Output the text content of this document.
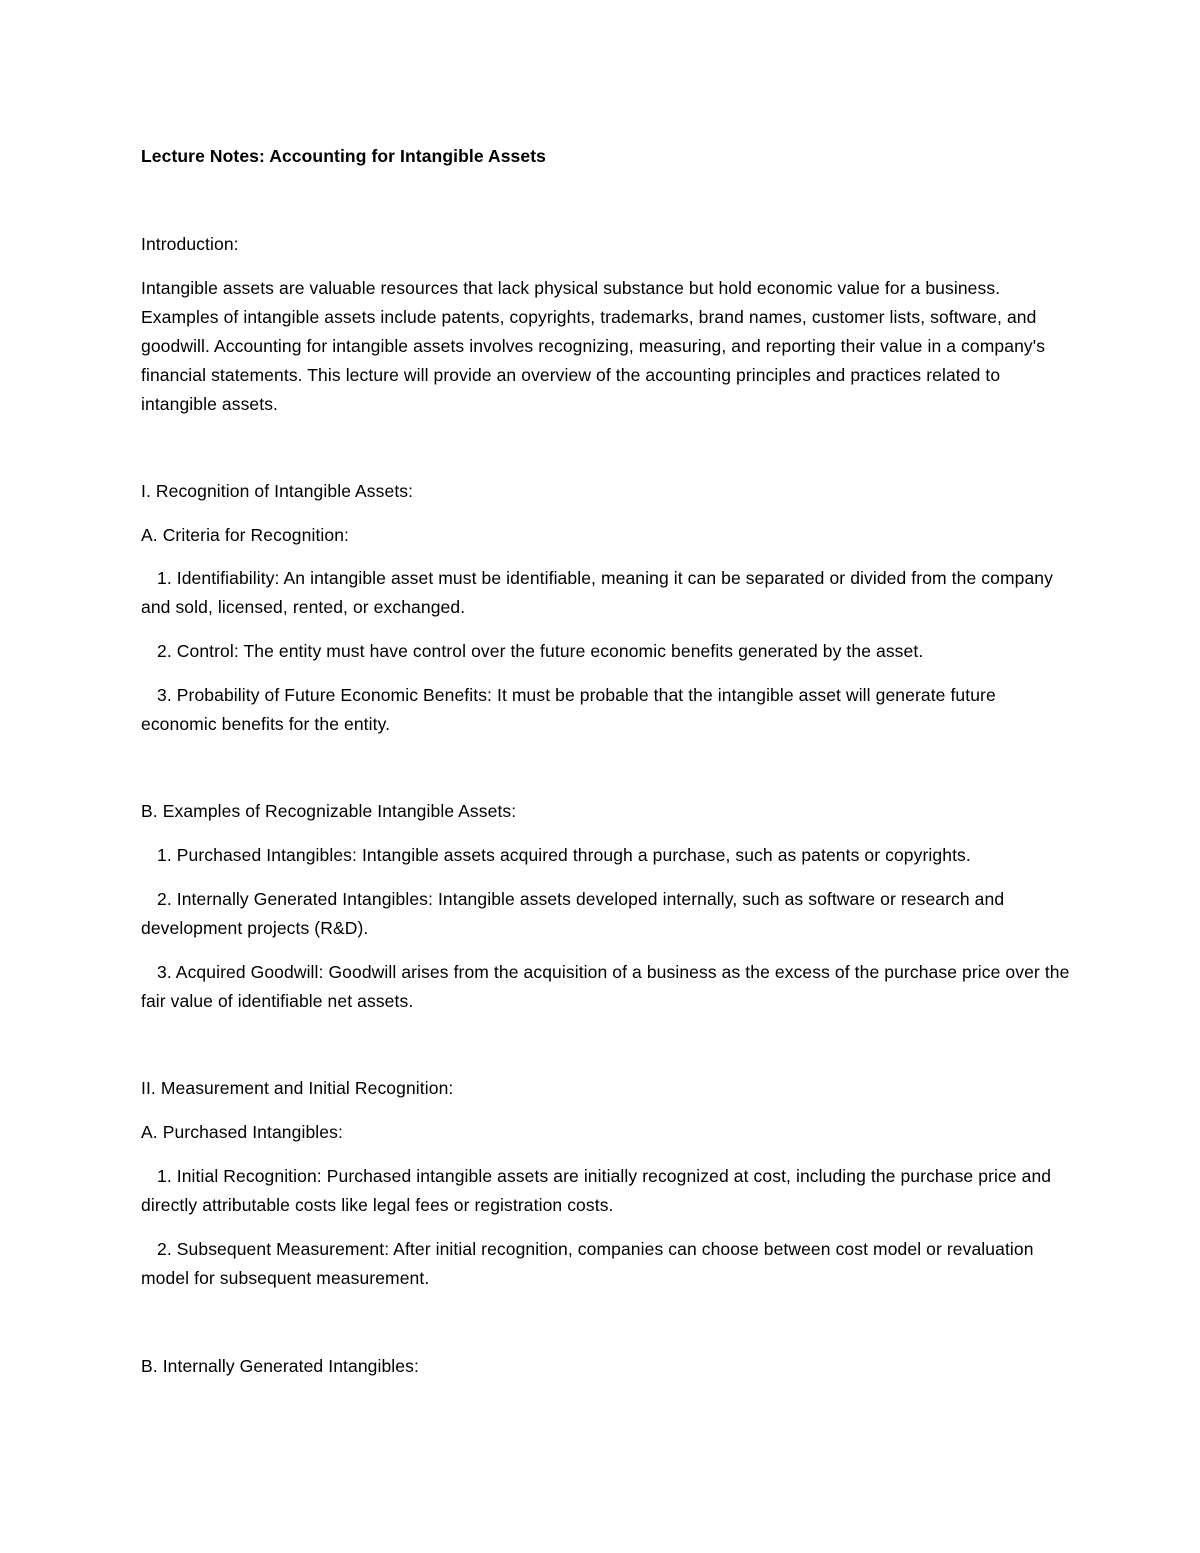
Lecture Notes: Accounting for Intangible Assets

Introduction:

Intangible assets are valuable resources that lack physical substance but hold economic value for a business. Examples of intangible assets include patents, copyrights, trademarks, brand names, customer lists, software, and goodwill. Accounting for intangible assets involves recognizing, measuring, and reporting their value in a company's financial statements. This lecture will provide an overview of the accounting principles and practices related to intangible assets.

I. Recognition of Intangible Assets:

A. Criteria for Recognition:

1. Identifiability: An intangible asset must be identifiable, meaning it can be separated or divided from the company and sold, licensed, rented, or exchanged.

2. Control: The entity must have control over the future economic benefits generated by the asset.

3. Probability of Future Economic Benefits: It must be probable that the intangible asset will generate future economic benefits for the entity.

B. Examples of Recognizable Intangible Assets:

1. Purchased Intangibles: Intangible assets acquired through a purchase, such as patents or copyrights.

2. Internally Generated Intangibles: Intangible assets developed internally, such as software or research and development projects (R&D).

3. Acquired Goodwill: Goodwill arises from the acquisition of a business as the excess of the purchase price over the fair value of identifiable net assets.

II. Measurement and Initial Recognition:

A. Purchased Intangibles:

1. Initial Recognition: Purchased intangible assets are initially recognized at cost, including the purchase price and directly attributable costs like legal fees or registration costs.

2. Subsequent Measurement: After initial recognition, companies can choose between cost model or revaluation model for subsequent measurement.

B. Internally Generated Intangibles:
